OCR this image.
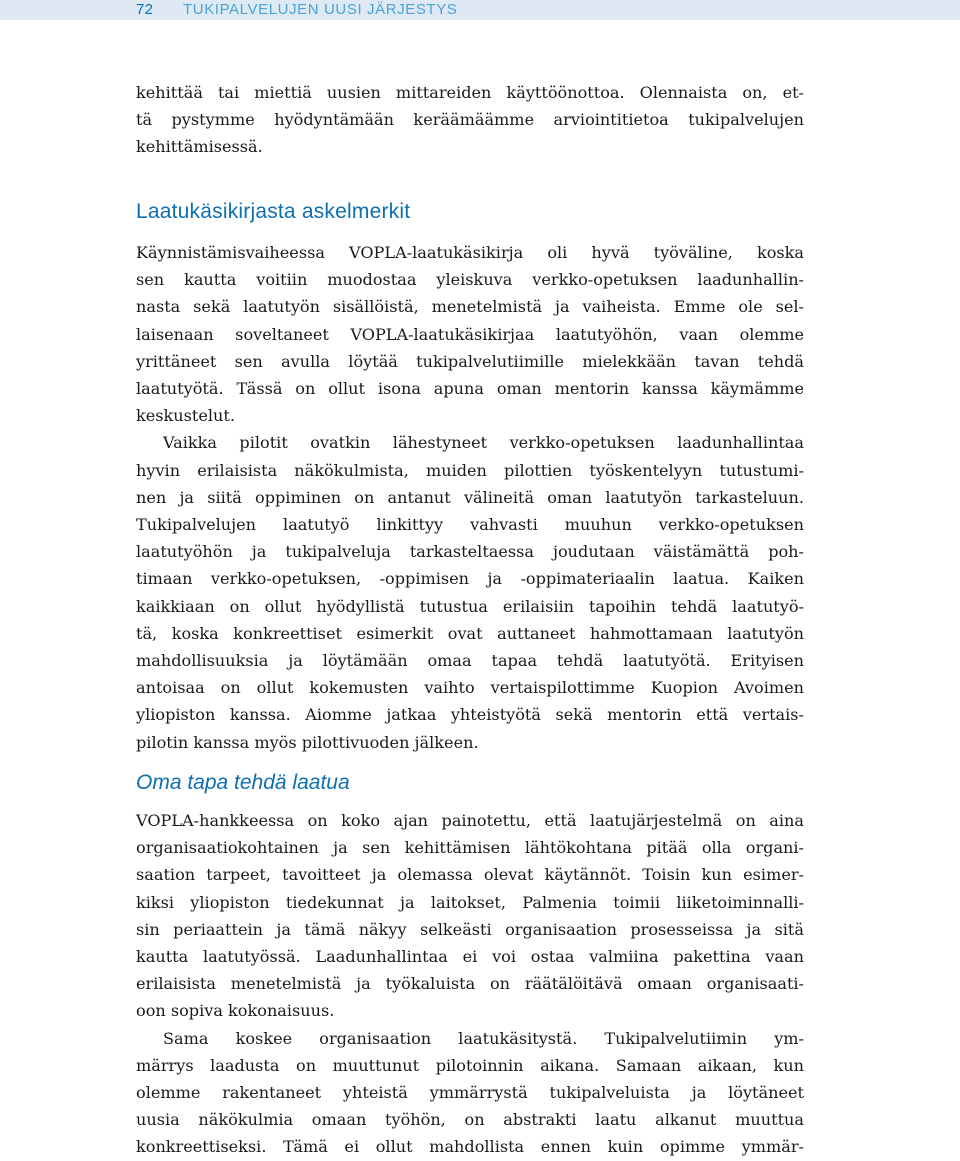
72 TUKIPALVELUJEN UUSI JÄRJESTYS
kehittää tai miettiä uusien mittareiden käyttöönottoa. Olennaista on, et-
tä pystymme hyödyntämään keräämäämme arviointitietoa tukipalvelujen
kehittämisessä.
Laatukäsikirjasta askelmerkit
Käynnistämisvaiheessa VOPLA-laatukäsikirja oli hyvä työväline, koska
sen kautta voitiin muodostaa yleiskuva verkko-opetuksen laadunhallin-
nasta sekä laatutyön sisällöistä, menetelmistä ja vaiheista. Emme ole sel-
laisenaan soveltaneet VOPLA-laatukäsikirjaa laatutyöhön, vaan olemme
yrittäneet sen avulla löytää tukipalvelutiimille mielekkään tavan tehdä
laatutyötä. Tässä on ollut isona apuna oman mentorin kanssa käymämme
keskustelut.
Vaikka pilotit ovatkin lähestyneet verkko-opetuksen laadunhallintaa
hyvin erilaisista näkökulmista, muiden pilottien työskentelyyn tutustumi-
nen ja siitä oppiminen on antanut välineitä oman laatutyön tarkasteluun.
Tukipalvelujen laatutyö linkittyy vahvasti muuhun verkko-opetuksen
laatutyöhön ja tukipalveluja tarkasteltaessa joudutaan väistämättä poh-
timaan verkko-opetuksen, -oppimisen ja -oppimateriaalin laatua. Kaiken
kaikkiaan on ollut hyödyllistä tutustua erilaisiin tapoihin tehdä laatutyö-
tä, koska konkreettiset esimerkit ovat auttaneet hahmottamaan laatutyön
mahdollisuuksia ja löytämään omaa tapaa tehdä laatutyötä. Erityisen
antoisaa on ollut kokemusten vaihto vertaispilottimme Kuopion Avoimen
yliopiston kanssa. Aiomme jatkaa yhteistyötä sekä mentorin että vertais-
pilotin kanssa myös pilottivuoden jälkeen.
Oma tapa tehdä laatua
VOPLA-hankkeessa on koko ajan painotettu, että laatujärjestelmä on aina
organisaatiokohtainen ja sen kehittämisen lähtökohtana pitää olla organi-
saation tarpeet, tavoitteet ja olemassa olevat käytännöt. Toisin kun esimer-
kiksi yliopiston tiedekunnat ja laitokset, Palmenia toimii liiketoiminnalli-
sin periaattein ja tämä näkyy selkeästi organisaation prosesseissa ja sitä
kautta laatutyössä. Laadunhallintaa ei voi ostaa valmiina pakettina vaan
erilaisista menetelmistä ja työkaluista on räätälöitävä omaan organisaati-
oon sopiva kokonaisuus.
Sama koskee organisaation laatukäsitystä. Tukipalvelutiimin ym-
märrys laadusta on muuttunut pilotoinnin aikana. Samaan aikaan, kun
olemme rakentaneet yhteistä ymmärrystä tukipalveluista ja löytäneet
uusia näkökulmia omaan työhön, on abstrakti laatu alkanut muuttua
konkreettiseksi. Tämä ei ollut mahdollista ennen kuin opimme ymmär-
